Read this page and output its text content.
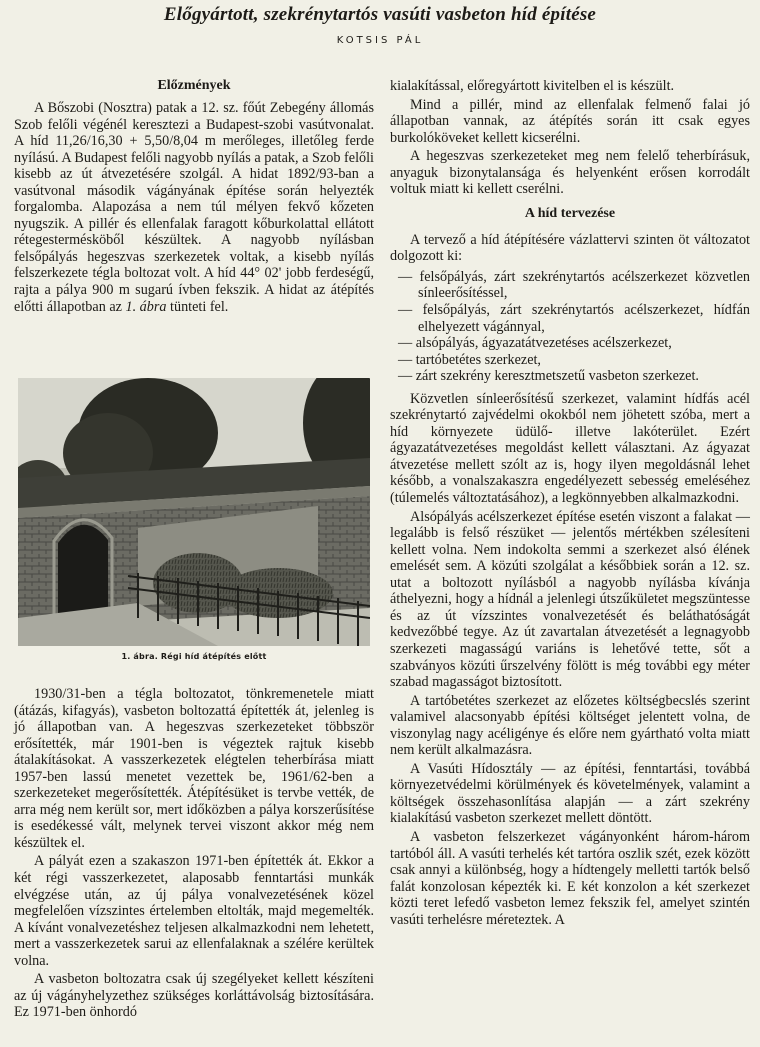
Előgyártott, szekrénytartós vasúti vasbeton híd építése
KOTSIS PÁL
Előzmények

A Bőszobi (Nosztra) patak a 12. sz. főút Zebegény állomás Szob felőli végénél keresztezi a Budapest-szobi vasútvonalat. A híd 11,26/16,30 + 5,50/8,04 m merőleges, illetőleg ferde nyílású. A Budapest felőli nagyobb nyílás a patak, a Szob felőli kisebb az út átvezetésére szolgál. A hidat 1892/93-ban a vasútvonal második vágányának építése során helyezték forgalomba. Alapozása a nem túl mélyen fekvő kőzeten nyugszik. A pillér és ellenfalak faragott kőburkolattal ellátott rétegestermésköből készültek. A nagyobb nyílásban felsőpályás hegeszvas szerkezetek voltak, a kisebb nyílás felszerkezete tégla boltozat volt. A híd 44° 02' jobb ferdeségű, rajta a pálya 900 m sugarú ívben fekszik. A hidat az átépítés előtti állapotban az 1. ábra tünteti fel.

1. ábra. Régi híd átépítés előtt

1930/31-ben a tégla boltozatot, tönkremenetele miatt (átázás, kifagyás), vasbeton boltozattá építették át, jelenleg is jó állapotban van. A hegeszvas szerkezeteket többször erősítették, már 1901-ben is végeztek rajtuk kisebb átalakításokat. A vasszerkezetek elégtelen teherbírása miatt 1957-ben lassú menetet vezettek be, 1961/62-ben a szerkezeteket megerősítették. Átépítésüket is tervbe vették, de arra még nem került sor, mert időközben a pálya korszerűsítése is esedékessé vált, melynek tervei viszont akkor még nem készültek el.

A pályát ezen a szakaszon 1971-ben építették át. Ekkor a két régi vasszerkezetet, alaposabb fenntartási munkák elvégzése után, az új pálya vonalvezetésének közel megfelelően vízszintes értelemben eltolták, majd megemelték. A kívánt vonalvezetéshez teljesen alkalmazkodni nem lehetett, mert a vasszerkezetek sarui az ellenfalaknak a szélére kerültek volna.

A vasbeton boltozatra csak új szegélyeket kellett készíteni az új vágányhelyzethez szükséges korláttávolság biztosítására. Ez 1971-ben önhordó

kialakítással, előregyártott kivitelben el is készült.

Mind a pillér, mind az ellenfalak felmenő falai jó állapotban vannak, az átépítés során itt csak egyes burkolóköveket kellett kicserélni.

A hegeszvas szerkezeteket meg nem felelő teherbírásuk, anyaguk bizonytalansága és helyenként erősen korrodált voltuk miatt ki kellett cserélni.

A híd tervezése

A tervező a híd átépítésére vázlattervi szinten öt változatot dolgozott ki:

— felsőpályás, zárt szekrénytartós acélszerkezet közvetlen sínleerősítéssel,
— felsőpályás, zárt szekrénytartós acélszerkezet, hídfán elhelyezett vágánnyal,
— alsópályás, ágyazatátvezetéses acélszerkezet,
— tartóbetétes szerkezet,
— zárt szekrény keresztmetszetű vasbeton szerkezet.

Közvetlen sínleerősítésű szerkezet, valamint hídfás acél szekrénytartó zajvédelmi okokból nem jöhetett szóba, mert a híd környezete üdülő- illetve lakóterület. Ezért ágyazatátvezetéses megoldást kellett választani. Az ágyazat átvezetése mellett szólt az is, hogy ilyen megoldásnál lehet később, a vonalszakaszra engedélyezett sebesség emeléséhez (túlemelés változtatásához), a legkönnyebben alkalmazkodni.

Alsópályás acélszerkezet építése esetén viszont a falakat — legalább is felső részüket — jelentős mértékben szélesíteni kellett volna. Nem indokolta semmi a szerkezet alsó élének emelését sem. A közúti szolgálat a későbbiek során a 12. sz. utat a boltozott nyílásból a nagyobb nyílásba kívánja áthelyezni, hogy a hídnál a jelenlegi útszűkületet megszüntesse és az út vízszintes vonalvezetését és beláthatóságát kedvezőbbé tegye. Az út zavartalan átvezetését a legnagyobb szerkezeti magasságú variáns is lehetővé tette, sőt a szabványos közúti űrszelvény fölött is még további egy méter szabad magasságot biztosított.

A tartóbetétes szerkezet az előzetes költségbecslés szerint valamivel alacsonyabb építési költséget jelentett volna, de viszonylag nagy acéligénye és előre nem gyártható volta miatt nem került alkalmazásra.

A Vasúti Hídosztály — az építési, fenntartási, továbbá környezetvédelmi körülmények és követelmények, valamint a költségek összehasonlítása alapján — a zárt szekrény kialakítású vasbeton szerkezet mellett döntött.

A vasbeton felszerkezet vágányonként három-három tartóból áll. A vasúti terhelés két tartóra oszlik szét, ezek között csak annyi a különbség, hogy a hídtengely melletti tartók belső falát konzolosan képezték ki. E két konzolon a két szerkezet közti teret lefedő vasbeton lemez fekszik fel, amelyet szintén vasúti terhelésre méreteztek. A
